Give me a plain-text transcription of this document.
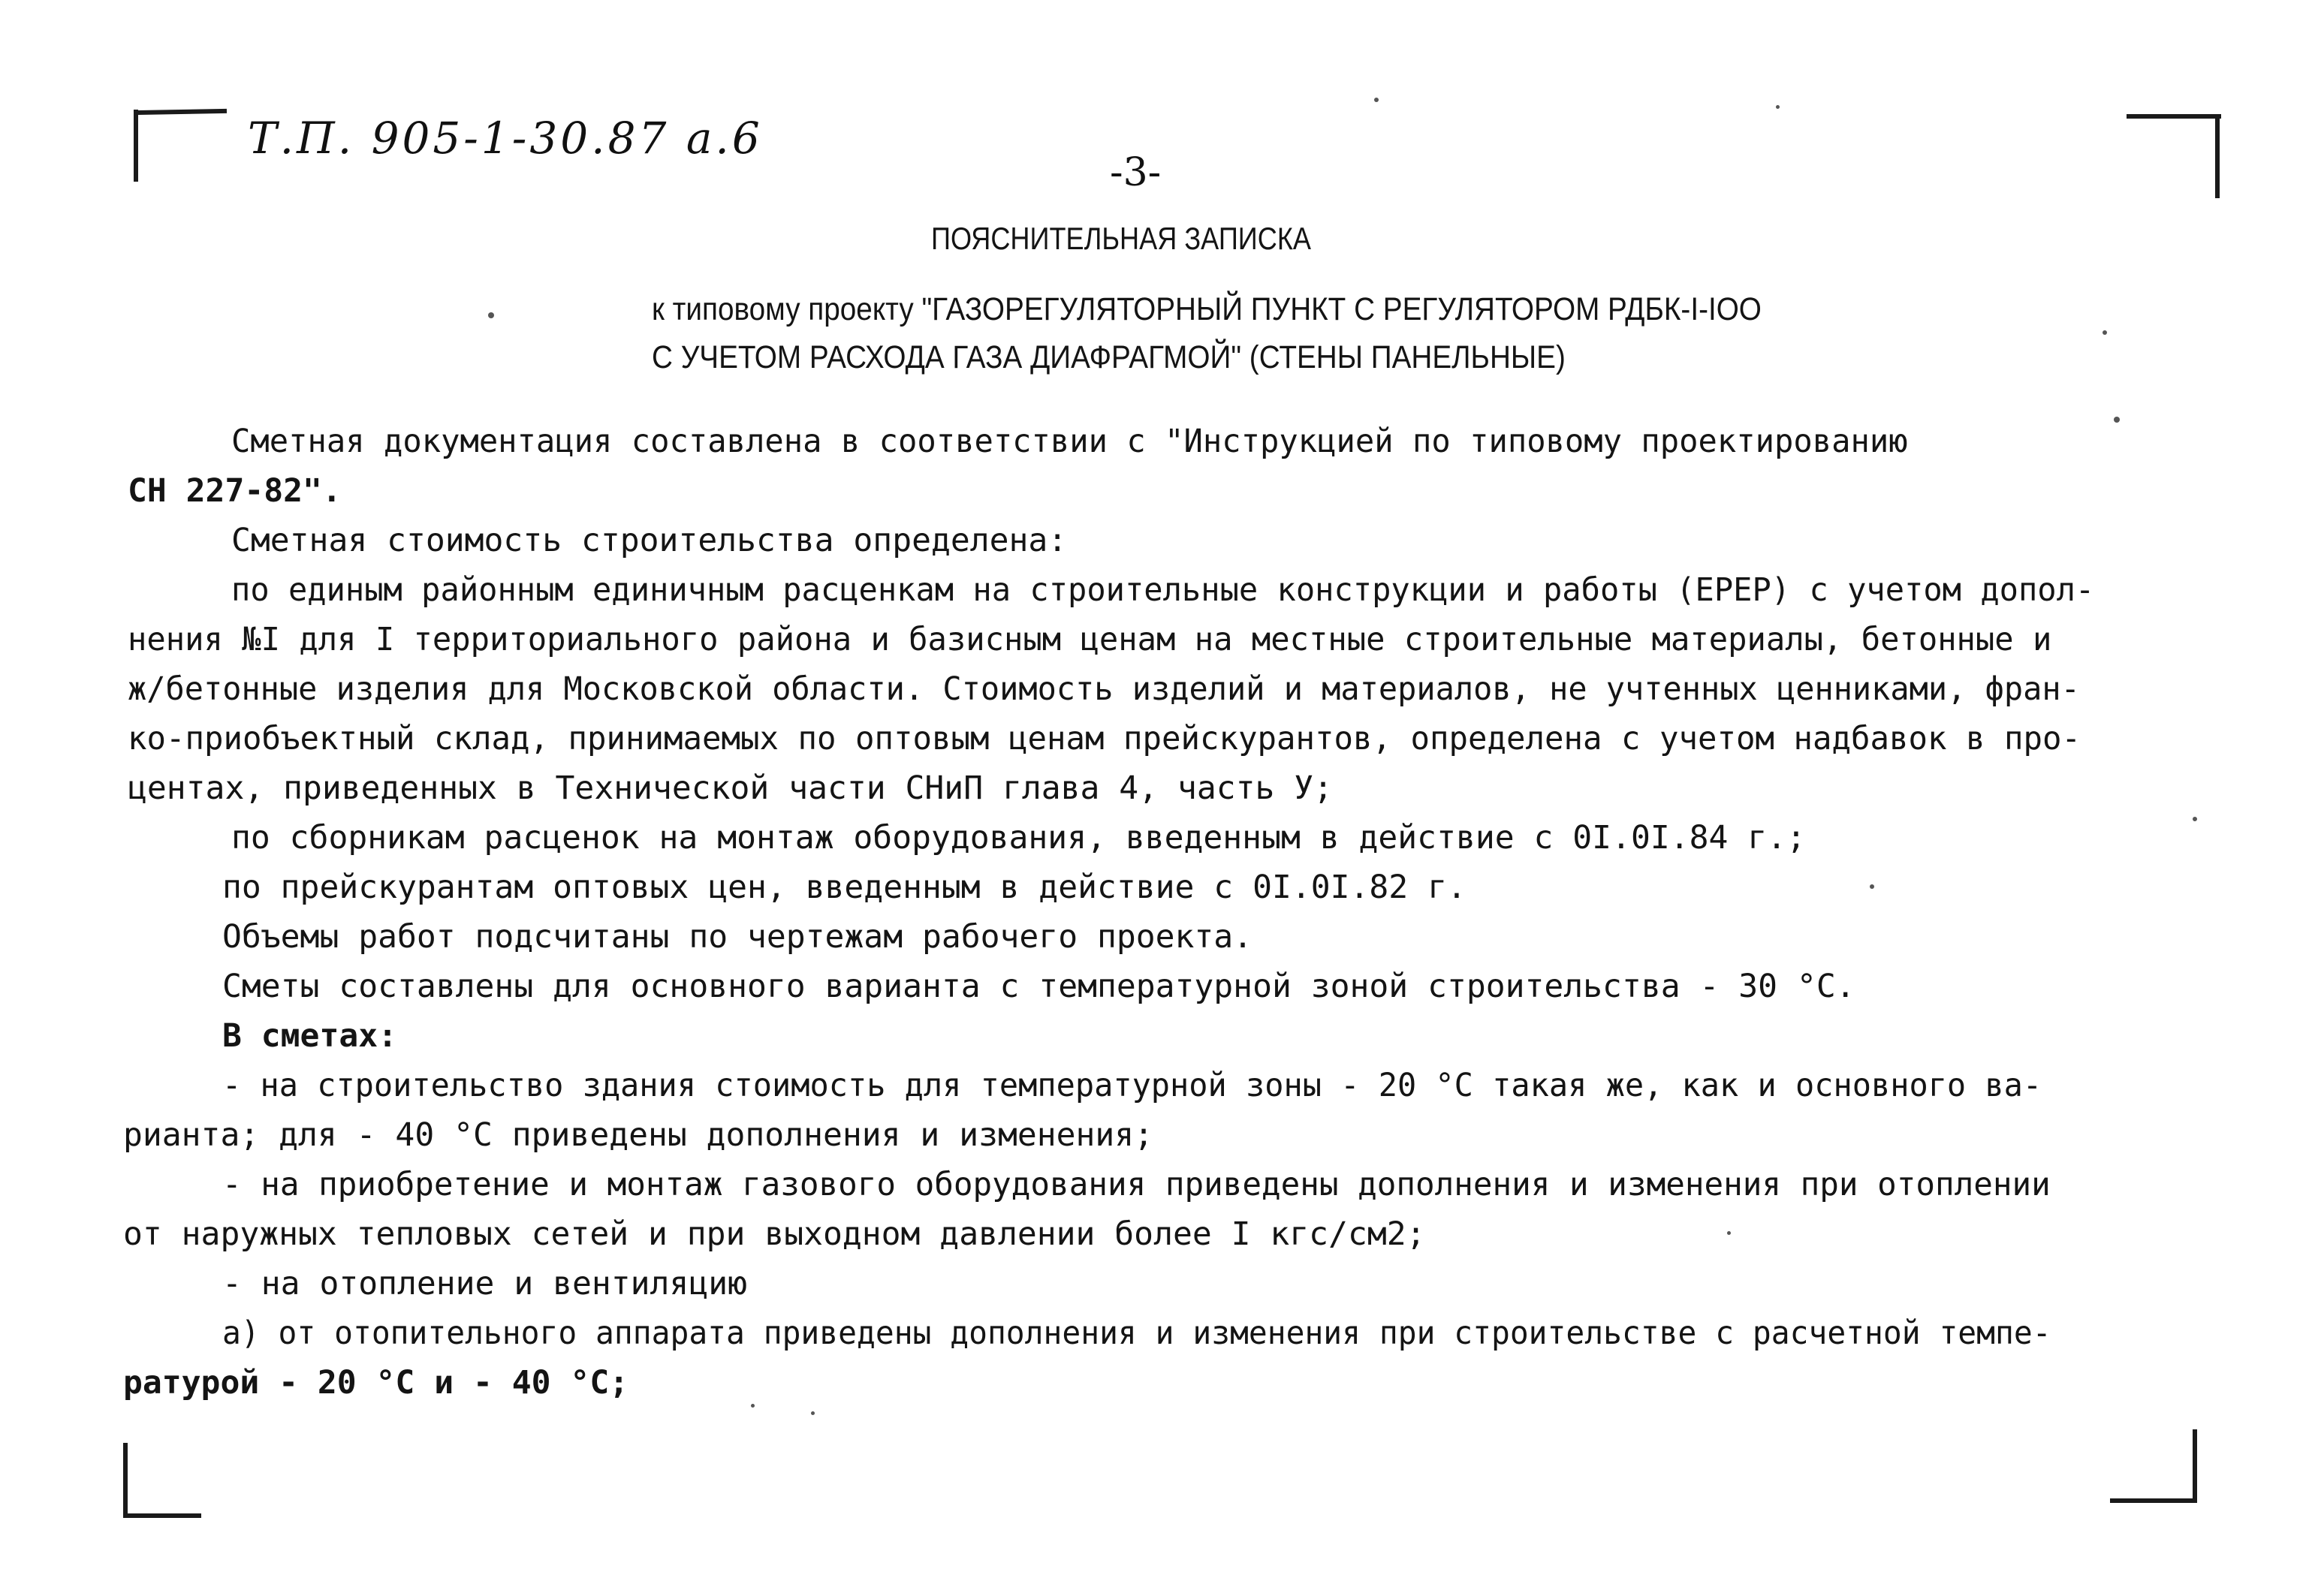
Т.П. 905-1-30.87 а.6
-3-
ПОЯСНИТЕЛЬНАЯ ЗАПИСКА
к типовому проекту "ГАЗОРЕГУЛЯТОРНЫЙ ПУНКТ С РЕГУЛЯТОРОМ РДБК-I-IOO
С УЧЕТОМ РАСХОДА ГАЗА ДИАФРАГМОЙ" (СТЕНЫ ПАНЕЛЬНЫЕ)
Сметная документация составлена в соответствии с "Инструкцией по типовому проектированию
СН 227-82".
Сметная стоимость строительства определена:
по единым районным единичным расценкам на строительные конструкции и работы (ЕРЕР) с учетом допол-
нения №I для I территориального района и базисным ценам на местные строительные материалы, бетонные и
ж/бетонные изделия для Московской области. Стоимость изделий и материалов, не учтенных ценниками, фран-
ко-приобъектный склад, принимаемых по оптовым ценам прейскурантов, определена с учетом надбавок в про-
центах, приведенных в Технической части СНиП глава 4, часть У;
по сборникам расценок на монтаж оборудования, введенным в действие с 0I.0I.84 г.;
по прейскурантам оптовых цен, введенным в действие с 0I.0I.82 г.
Объемы работ подсчитаны по чертежам рабочего проекта.
Сметы составлены для основного варианта с температурной зоной строительства - 30 °С.
В сметах:
- на строительство здания стоимость для температурной зоны - 20 °С такая же, как и основного ва-
рианта; для - 40 °С приведены дополнения и изменения;
- на приобретение и монтаж газового оборудования приведены дополнения и изменения при отоплении
от наружных тепловых сетей и при выходном давлении более I кгс/см2;
- на отопление и вентиляцию
а) от отопительного аппарата приведены дополнения и изменения при строительстве с расчетной темпе-
ратурой - 20 °С и - 40 °С;
